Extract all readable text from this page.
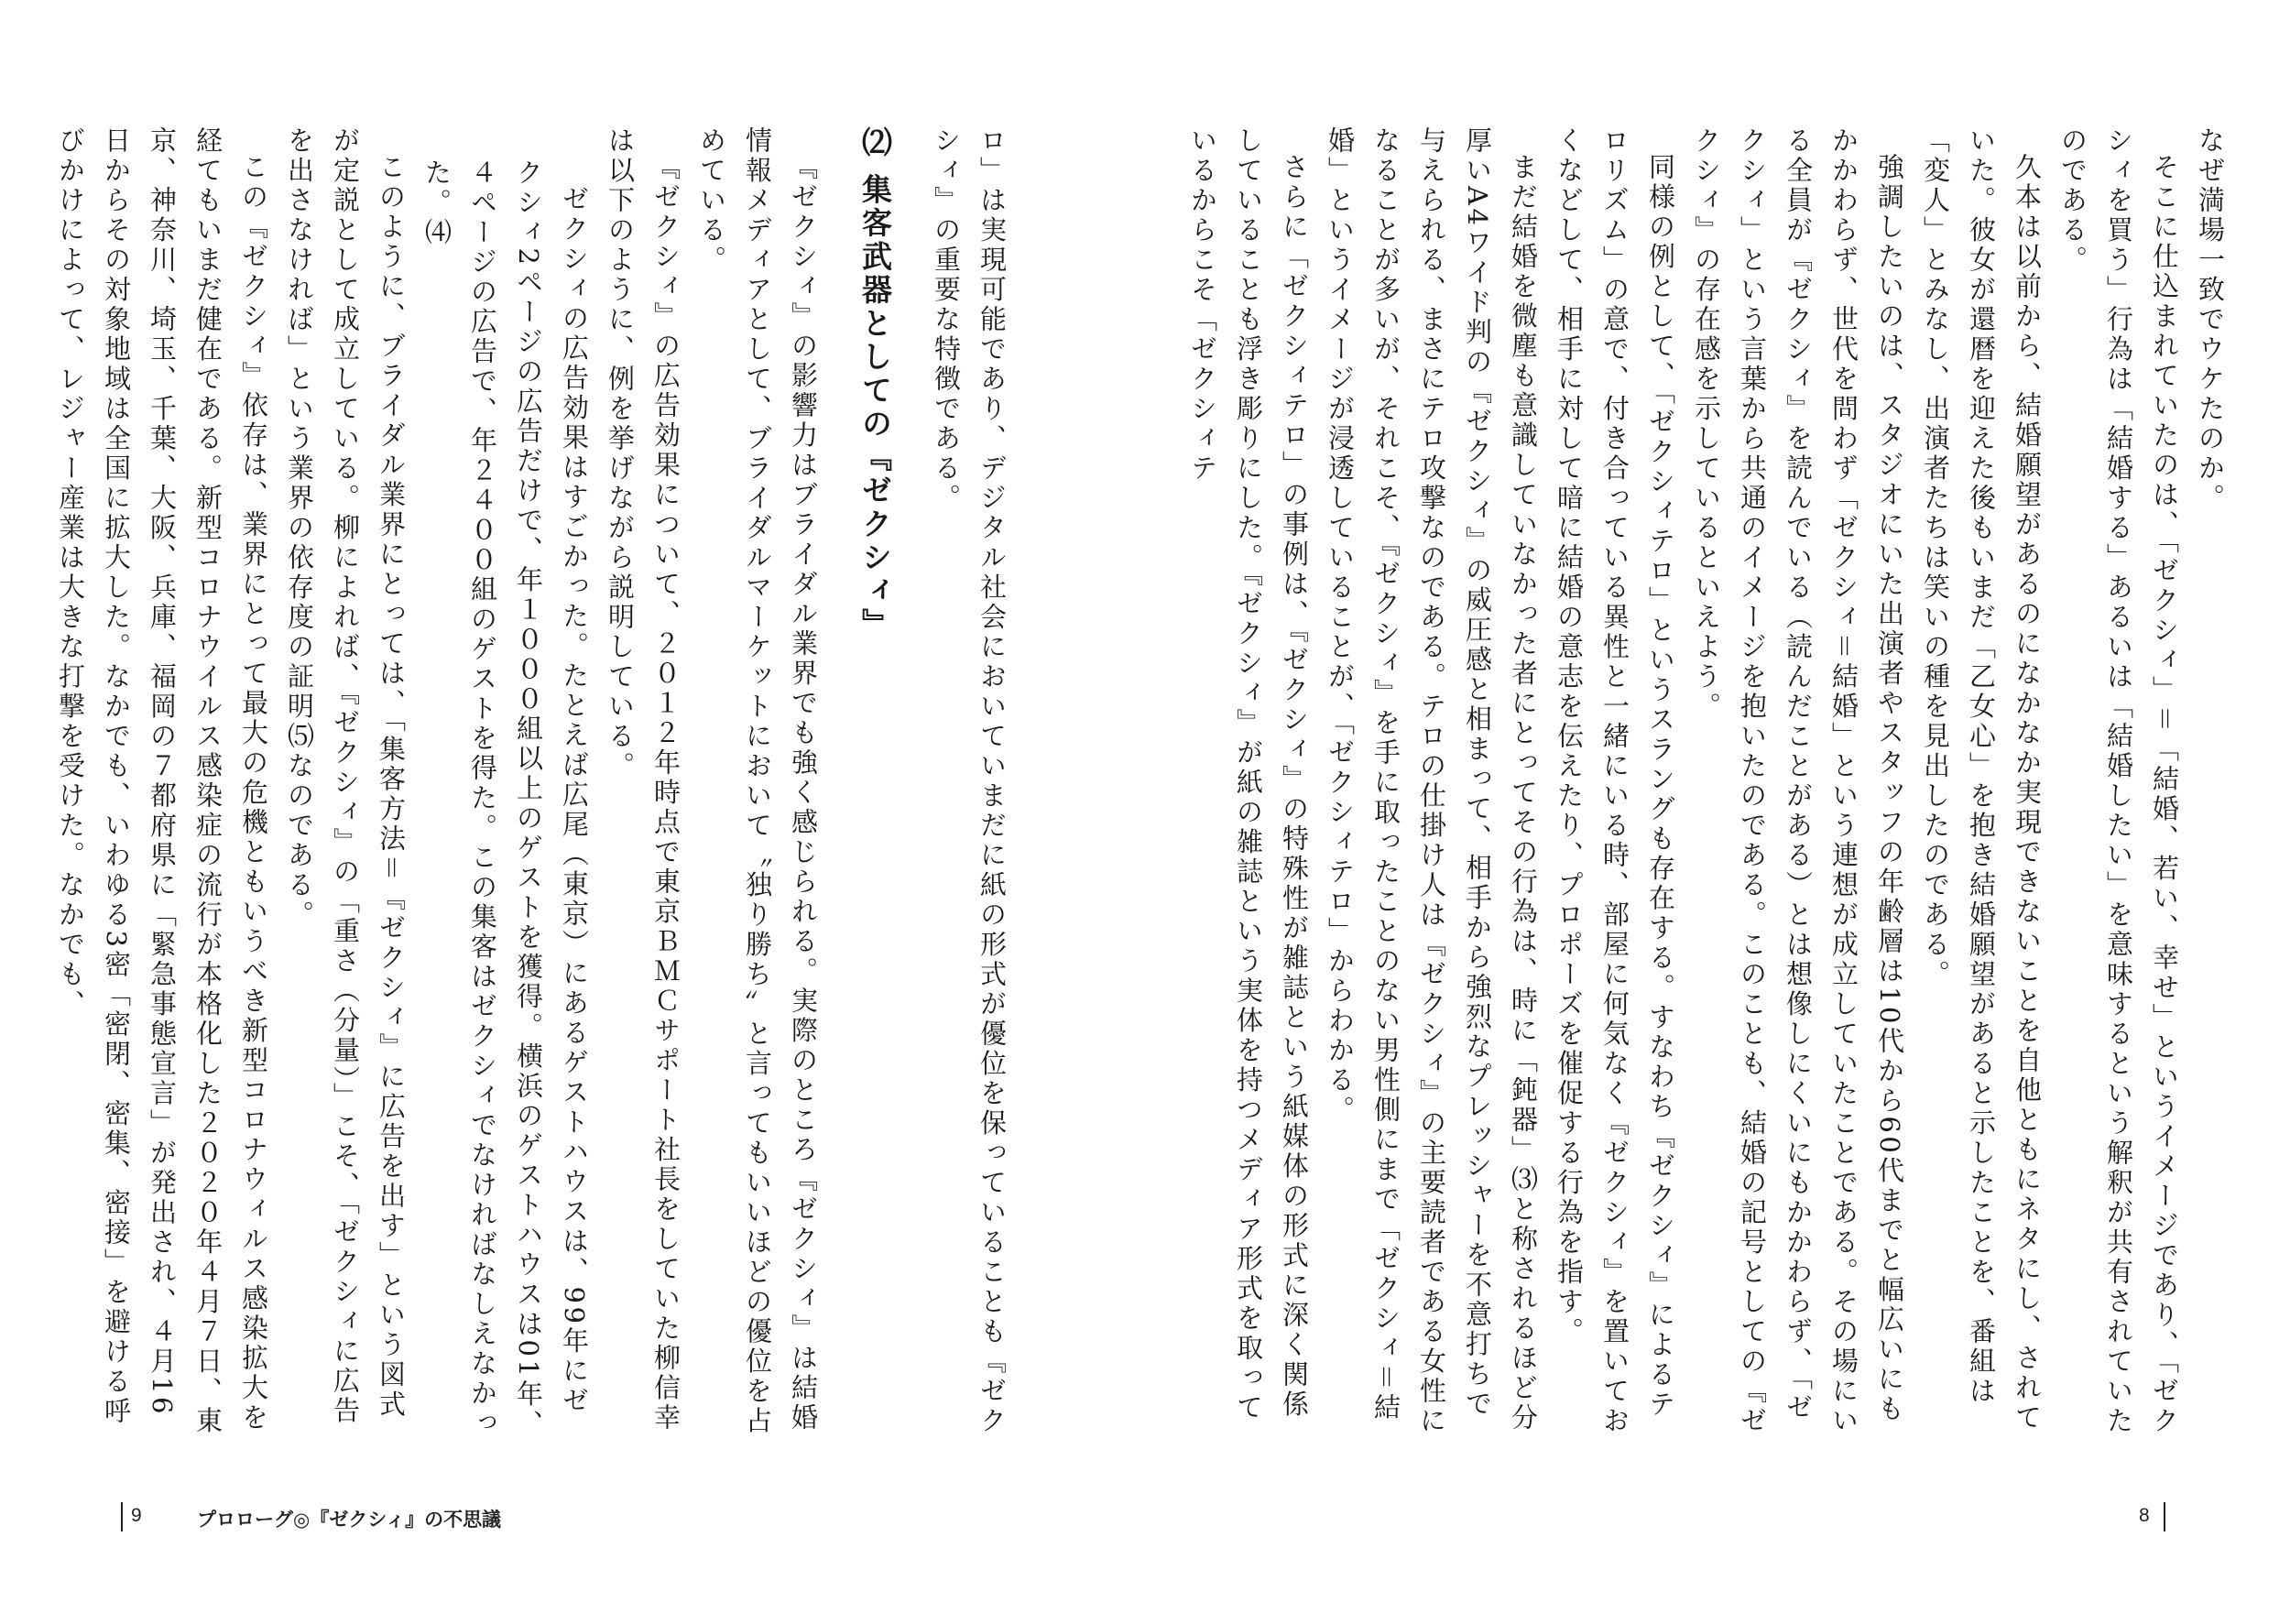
なぜ満場一致でウケたのか。

そこに仕込まれていたのは、「ゼクシィ」＝「結婚、若い、幸せ」というイメージであり、「ゼクシィを買う」行為は「結婚する」あるいは「結婚したい」を意味するという解釈が共有されていたのである。

久本は以前から、結婚願望があるのになかなか実現できないことを自他ともにネタにし、されていた。彼女が還暦を迎えた後もいまだ「乙女心」を抱き結婚願望があると示したことを、番組は「変人」とみなし、出演者たちは笑いの種を見出したのである。

強調したいのは、スタジオにいた出演者やスタッフの年齢層は10代から60代までと幅広いにもかかわらず、世代を問わず「ゼクシィ＝結婚」という連想が成立していたことである。その場にいる全員が『ゼクシィ』を読んでいる（読んだことがある）とは想像しにくいにもかかわらず、「ゼクシィ」という言葉から共通のイメージを抱いたのである。このことも、結婚の記号としての『ゼクシィ』の存在感を示しているといえよう。

同様の例として、「ゼクシィテロ」というスラングも存在する。すなわち『ゼクシィ』によるテロリズム」の意で、付き合っている異性と一緒にいる時、部屋に何気なく『ゼクシィ』を置いておくなどして、相手に対して暗に結婚の意志を伝えたり、プロポーズを催促する行為を指す。

まだ結婚を微塵も意識していなかった者にとってその行為は、時に「鈍器」⑶と称されるほど分厚いA4ワイド判の『ゼクシィ』の威圧感と相まって、相手から強烈なプレッシャーを不意打ちで与えられる、まさにテロ攻撃なのである。テロの仕掛け人は『ゼクシィ』の主要読者である女性になることが多いが、それこそ、『ゼクシィ』を手に取ったことのない男性側にまで「ゼクシィ＝結婚」というイメージが浸透していることが、「ゼクシィテロ」からわかる。

さらに「ゼクシィテロ」の事例は、『ゼクシィ』の特殊性が雑誌という紙媒体の形式に深く関係していることも浮き彫りにした。『ゼクシィ』が紙の雑誌という実体を持つメディア形式を取っているからこそ「ゼクシィテ

8

ロ」は実現可能であり、デジタル社会においていまだに紙の形式が優位を保っていることも『ゼクシィ』の重要な特徴である。

⑵ 集客武器としての『ゼクシィ』

『ゼクシィ』の影響力はブライダル業界でも強く感じられる。実際のところ『ゼクシィ』は結婚情報メディアとして、ブライダルマーケットにおいて〝独り勝ち〟と言ってもいいほどの優位を占めている。

『ゼクシィ』の広告効果について、２０１２年時点で東京ＢＭＣサポート社長をしていた柳信幸は以下のように、例を挙げながら説明している。

ゼクシィの広告効果はすごかった。たとえば広尾（東京）にあるゲストハウスは、99年にゼクシィ2ページの広告だけで、年１０００組以上のゲストを獲得。横浜のゲストハウスは01年、４ページの広告で、年２４００組のゲストを得た。この集客はゼクシィでなければなしえなかった。⑷

このように、ブライダル業界にとっては、「集客方法＝『ゼクシィ』に広告を出す」という図式が定説として成立している。柳によれば、『ゼクシィ』の「重さ（分量）」こそ、「ゼクシィに広告を出さなければ」という業界の依存度の証明⑸なのである。

この『ゼクシィ』依存は、業界にとって最大の危機ともいうべき新型コロナウィルス感染拡大を経てもいまだ健在である。新型コロナウイルス感染症の流行が本格化した２０２０年４月７日、東京、神奈川、埼玉、千葉、大阪、兵庫、福岡の７都府県に「緊急事態宣言」が発出され、４月16日からその対象地域は全国に拡大した。なかでも、いわゆる3密「密閉、密集、密接」を避ける呼びかけによって、レジャー産業は大きな打撃を受けた。なかでも、

9	プロローグ◎『ゼクシィ』の不思議
